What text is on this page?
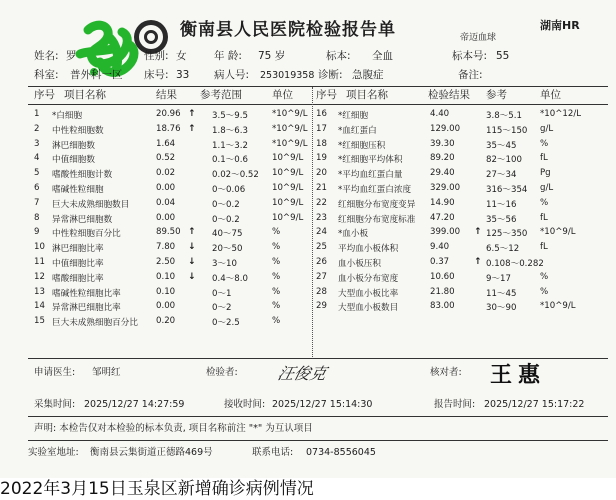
衡南县人民医院检验报告单	湖南HR
帝迈血球
姓名: 罗	性别: 女	年 龄: 75 岁	标本: 全血	标本号: 55
科室: 普外科一区 床号: 33 病人号: 253019358 诊断: 急腹症	备注:
序号 项目名称	结果 参考范围	单位 序号 项目名称	检验结果 参考	单位
1 *白细胞	20.96 ↑ 3.5～9.5	*10^9/L
2 中性粒细胞数	18.76 ↑ 1.8～6.3	*10^9/L
3 淋巴细胞数	1.64	1.1～3.2	*10^9/L
4 中值细胞数	0.52	0.1～0.6	10^9/L
5 嗜酸性细胞计数	0.02	0.02～0.52 10^9/L
6 嗜碱性粒细胞	0.00	0～0.06	10^9/L
7 巨大未成熟细胞数目	0.04	0～0.2	10^9/L
8 异常淋巴细胞数	0.00	0～0.2	10^9/L
9 中性粒细胞百分比	89.50 ↑ 40～75	%
10 淋巴细胞比率	7.80 ↓ 20～50	%
11 中值细胞比率	2.50 ↓ 3～10	%
12 嗜酸细胞比率	0.10 ↓ 0.4～8.0	%
13 嗜碱性粒细胞比率	0.10	0～1	%
14 异常淋巴细胞比率	0.00	0～2	%
15 巨大未成熟细胞百分比 0.20	0～2.5	%
16 *红细胞	4.40	3.8～5.1 *10^12/L
17 *血红蛋白	129.00	115～150 g/L
18 *红细胞压积	39.30	35～45	%
19 *红细胞平均体积	89.20	82～100 fL
20 *平均血红蛋白量	29.40	27～34	Pg
21 *平均血红蛋白浓度 329.00	316～354 g/L
22 红细胞分布宽度变异 14.90	11～16	%
23 红细胞分布宽度标准 47.20	35～56	fL
24 *血小板	399.00 ↑ 125～350 *10^9/L
25 平均血小板体积	9.40	6.5～12 fL
26 血小板压积	0.37	↑ 0.108～0.282
27 血小板分布宽度	10.60	9～17	%
28 大型血小板比率	21.80	11～45	%
29 大型血小板数目	83.00	30～90	*10^9/L
申请医生: 邹明红	检验者:	核对者:
汪俊克	王惠
采集时间: 2025/12/27 14:27:59	接收时间: 2025/12/27 15:14:30	报告时间: 2025/12/27 15:17:22
声明: 本检告仅对本检验的标本负责, 项目名称前注 "*" 为互认项目
实验室地址: 衡南县云集街道正德路469号	联系电话: 0734-8556045
2022年3月15日玉泉区新增确诊病例情况
